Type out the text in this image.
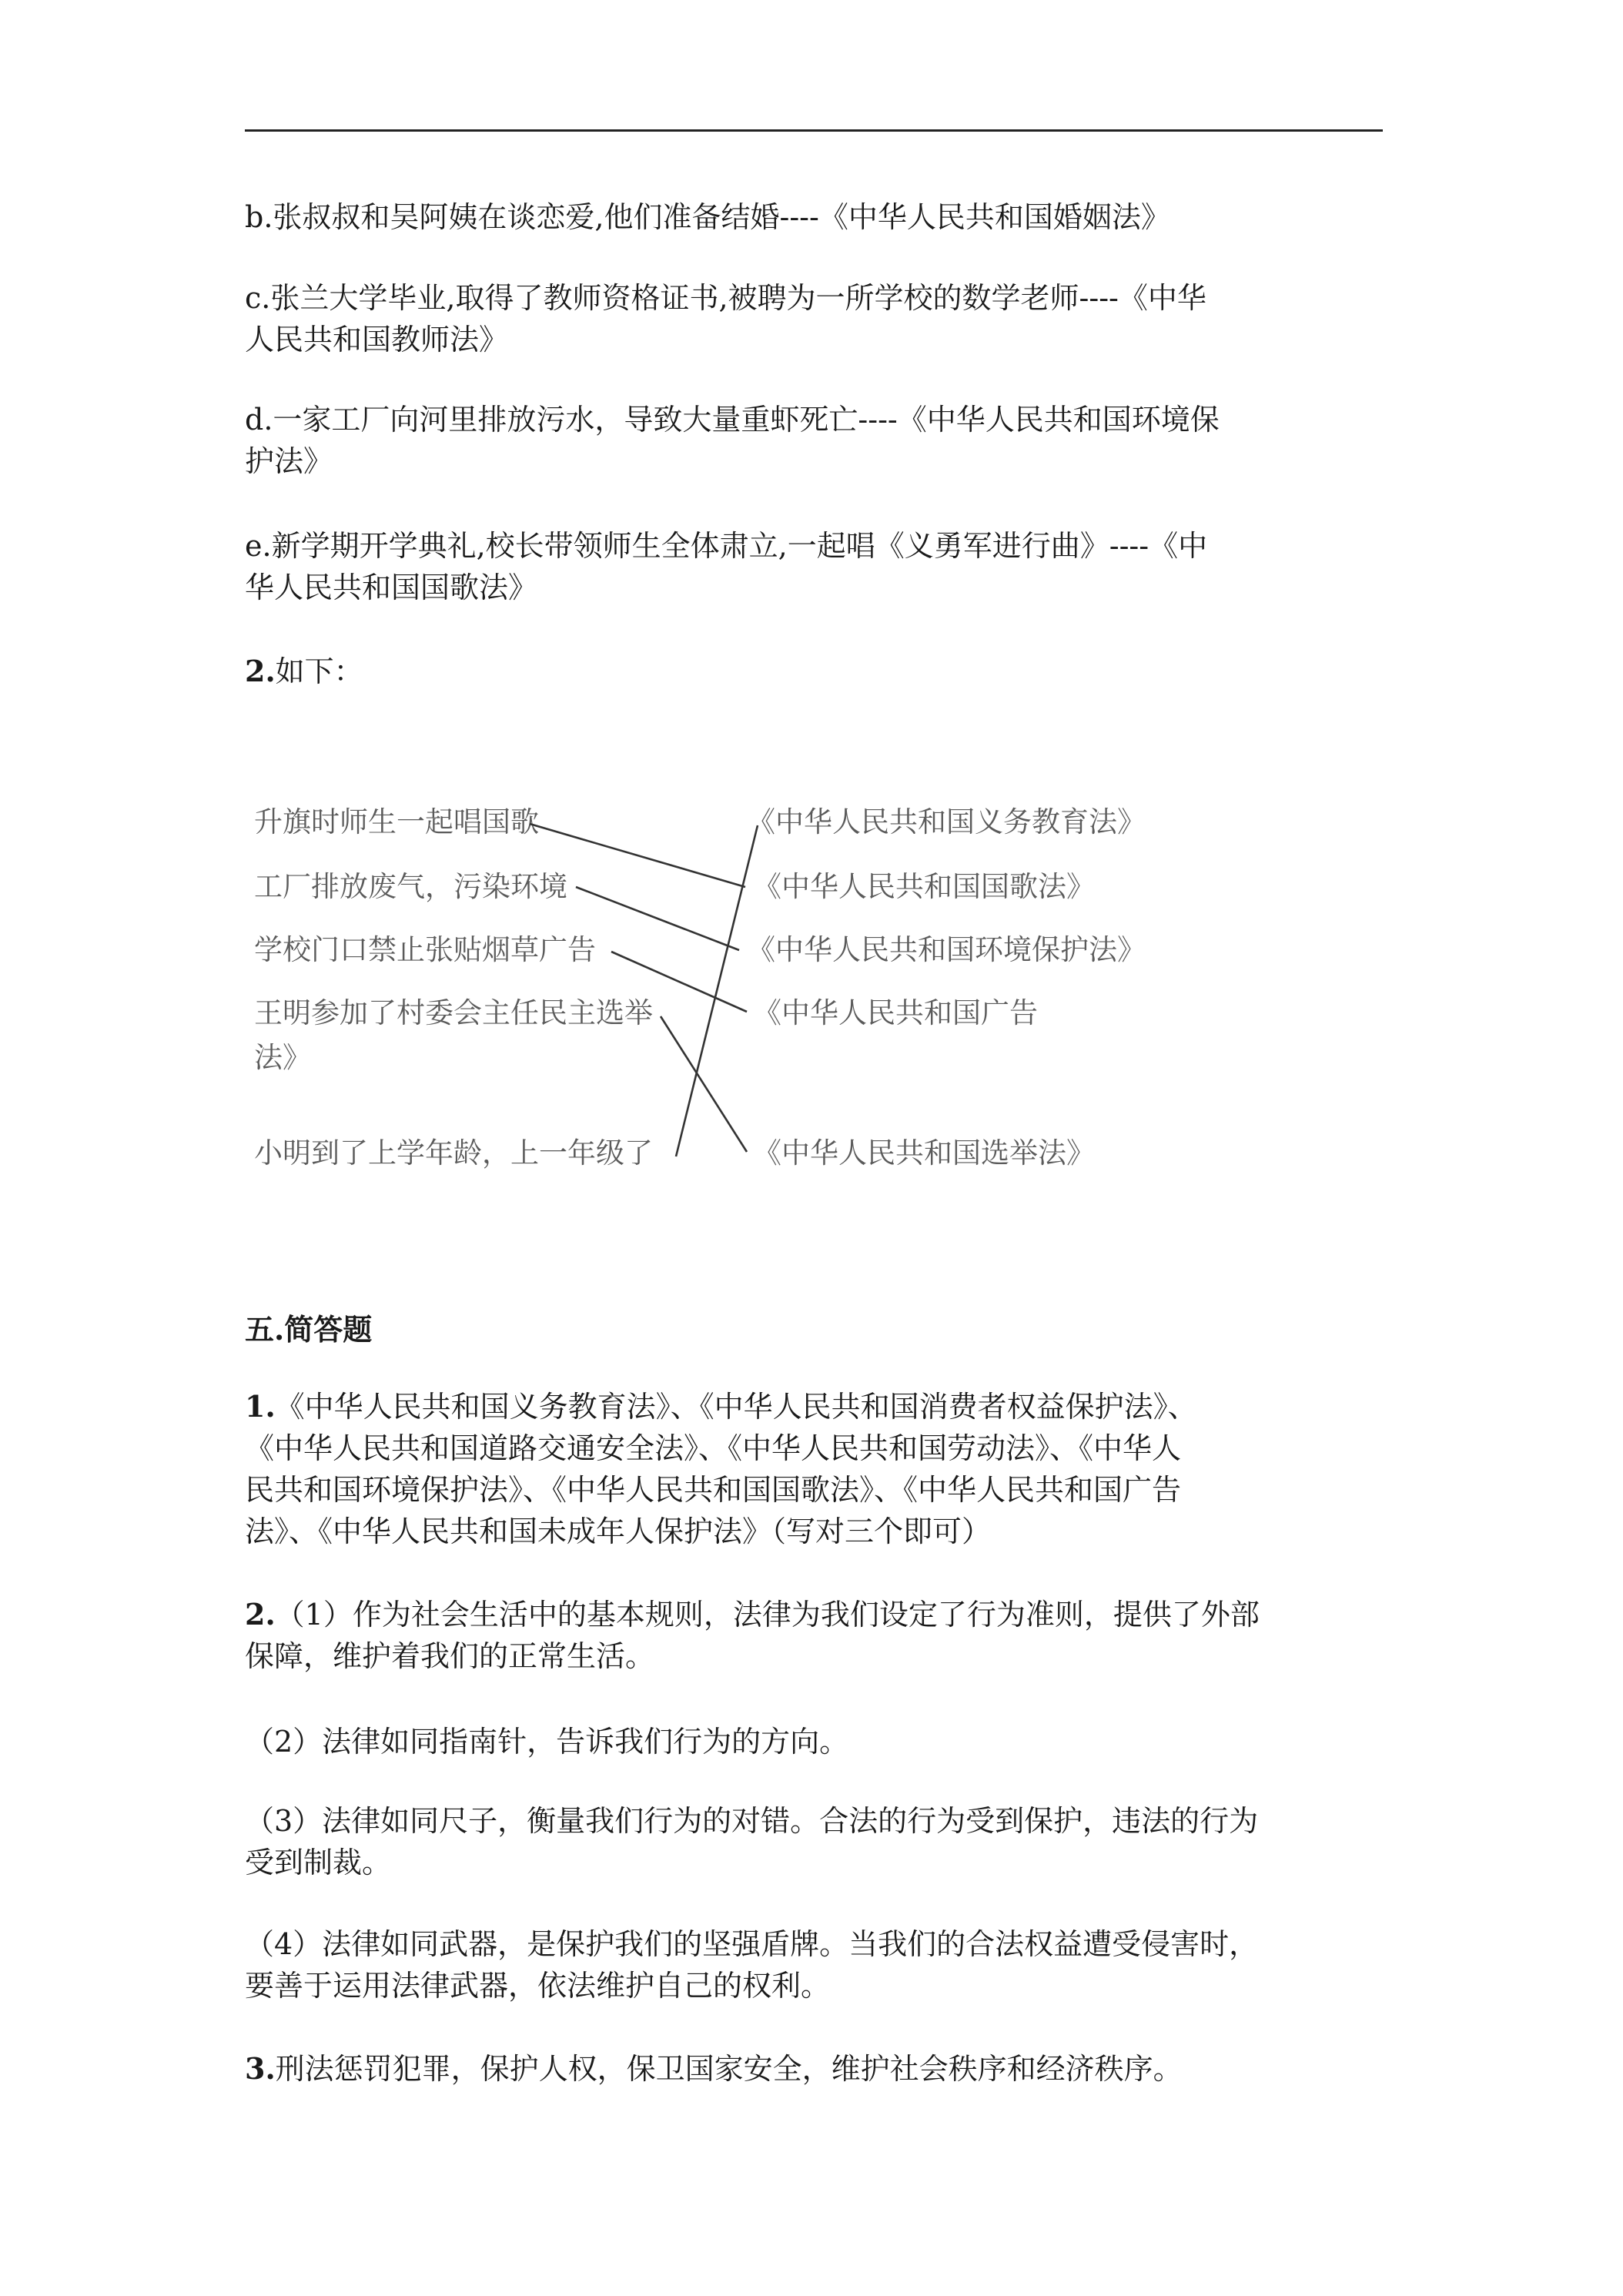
b.张叔叔和吴阿姨在谈恋爱,他们准备结婚----《中华人民共和国婚姻法》

c.张兰大学毕业,取得了教师资格证书,被聘为一所学校的数学老师----《中华
人民共和国教师法》
d.一家工厂向河里排放污水，导致大量重虾死亡----《中华人民共和国环境保
护法》
e.新学期开学典礼,校长带领师生全体肃立,一起唱《义勇军进行曲》----《中
华人民共和国国歌法》

2.如下：

升旗时师生一起唱国歌
工厂排放废气，污染环境
学校门口禁止张贴烟草广告
王明参加了村委会主任民主选举
法》
小明到了上学年龄，上一年级了
《中华人民共和国义务教育法》
《中华人民共和国国歌法》
《中华人民共和国环境保护法》
《中华人民共和国广告
《中华人民共和国选举法》

五.简答题

1.《中华人民共和国义务教育法》、《中华人民共和国消费者权益保护法》、
《中华人民共和国道路交通安全法》、《中华人民共和国劳动法》、《中华人
民共和国环境保护法》、《中华人民共和国国歌法》、《中华人民共和国广告
法》、《中华人民共和国未成年人保护法》（写对三个即可）
2.（1）作为社会生活中的基本规则，法律为我们设定了行为准则，提供了外部
保障，维护着我们的正常生活。

（2）法律如同指南针，告诉我们行为的方向。

（3）法律如同尺子，衡量我们行为的对错。合法的行为受到保护，违法的行为
受到制裁。
（4）法律如同武器，是保护我们的坚强盾牌。当我们的合法权益遭受侵害时，
要善于运用法律武器，依法维护自己的权利。

3.刑法惩罚犯罪，保护人权，保卫国家安全，维护社会秩序和经济秩序。
